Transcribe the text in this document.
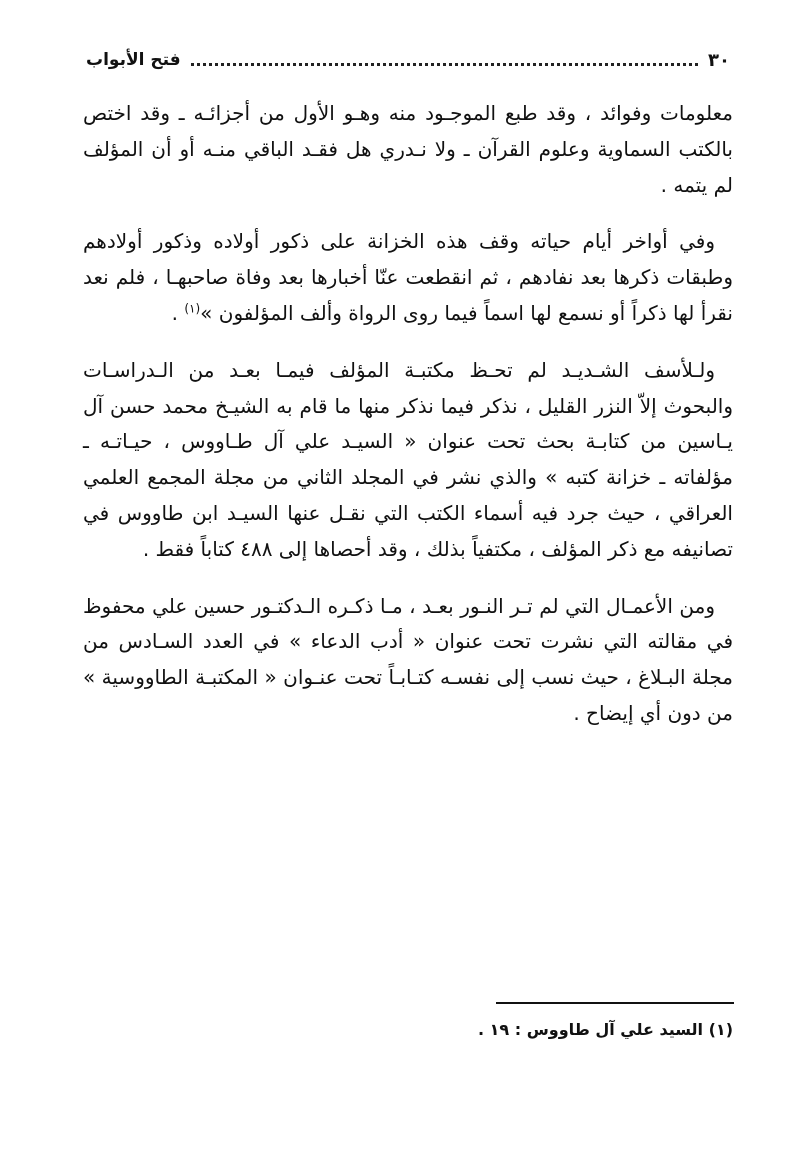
٣٠
فتح الأبواب

معلومات وفوائد ، وقد طبع الموجـود منه وهـو الأول من أجزائـه ـ وقد اختص بالكتب السماوية وعلوم القرآن ـ ولا نـدري هل فقـد الباقي منـه أو أن المؤلف لم يتمه .

وفي أواخر أيام حياته وقف هذه الخزانة على ذكور أولاده وذكور أولادهم وطبقات ذكرها بعد نفادهم ، ثم انقطعت عنّا أخبارها بعد وفاة صاحبهـا ، فلم نعد نقرأ لها ذكراً أو نسمع لها اسماً فيما روى الرواة وألف المؤلفون »$^{(١)}$ .

ولـلأسف الشـديـد لم تحـظ مكتبـة المؤلف فيمـا بعـد من الـدراسـات والبحوث إلاّ النزر القليل ، نذكر فيما نذكر منها ما قام به الشيـخ محمد حسن آل يـاسين من كتابـة بحث تحت عنوان « السيـد علي آل طـاووس ، حيـاتـه ـ مؤلفاته ـ خزانة كتبه » والذي نشر في المجلد الثاني من مجلة المجمع العلمي العراقي ، حيث جرد فيه أسماء الكتب التي نقـل عنها السيـد ابن طاووس في تصانيفه مع ذكر المؤلف ، مكتفياً بذلك ، وقد أحصاها إلى ٤٨٨ كتاباً فقط .

ومن الأعمـال التي لم تـر النـور بعـد ، مـا ذكـره الـدكتـور حسين علي محفوظ في مقالته التي نشرت تحت عنوان « أدب الدعاء » في العدد السـادس من مجلة البـلاغ ، حيث نسب إلى نفسـه كتـابـاً تحت عنـوان « المكتبـة الطاووسية » من دون أي إيضاح .

(١) السيد علي آل طاووس : ١٩ .
